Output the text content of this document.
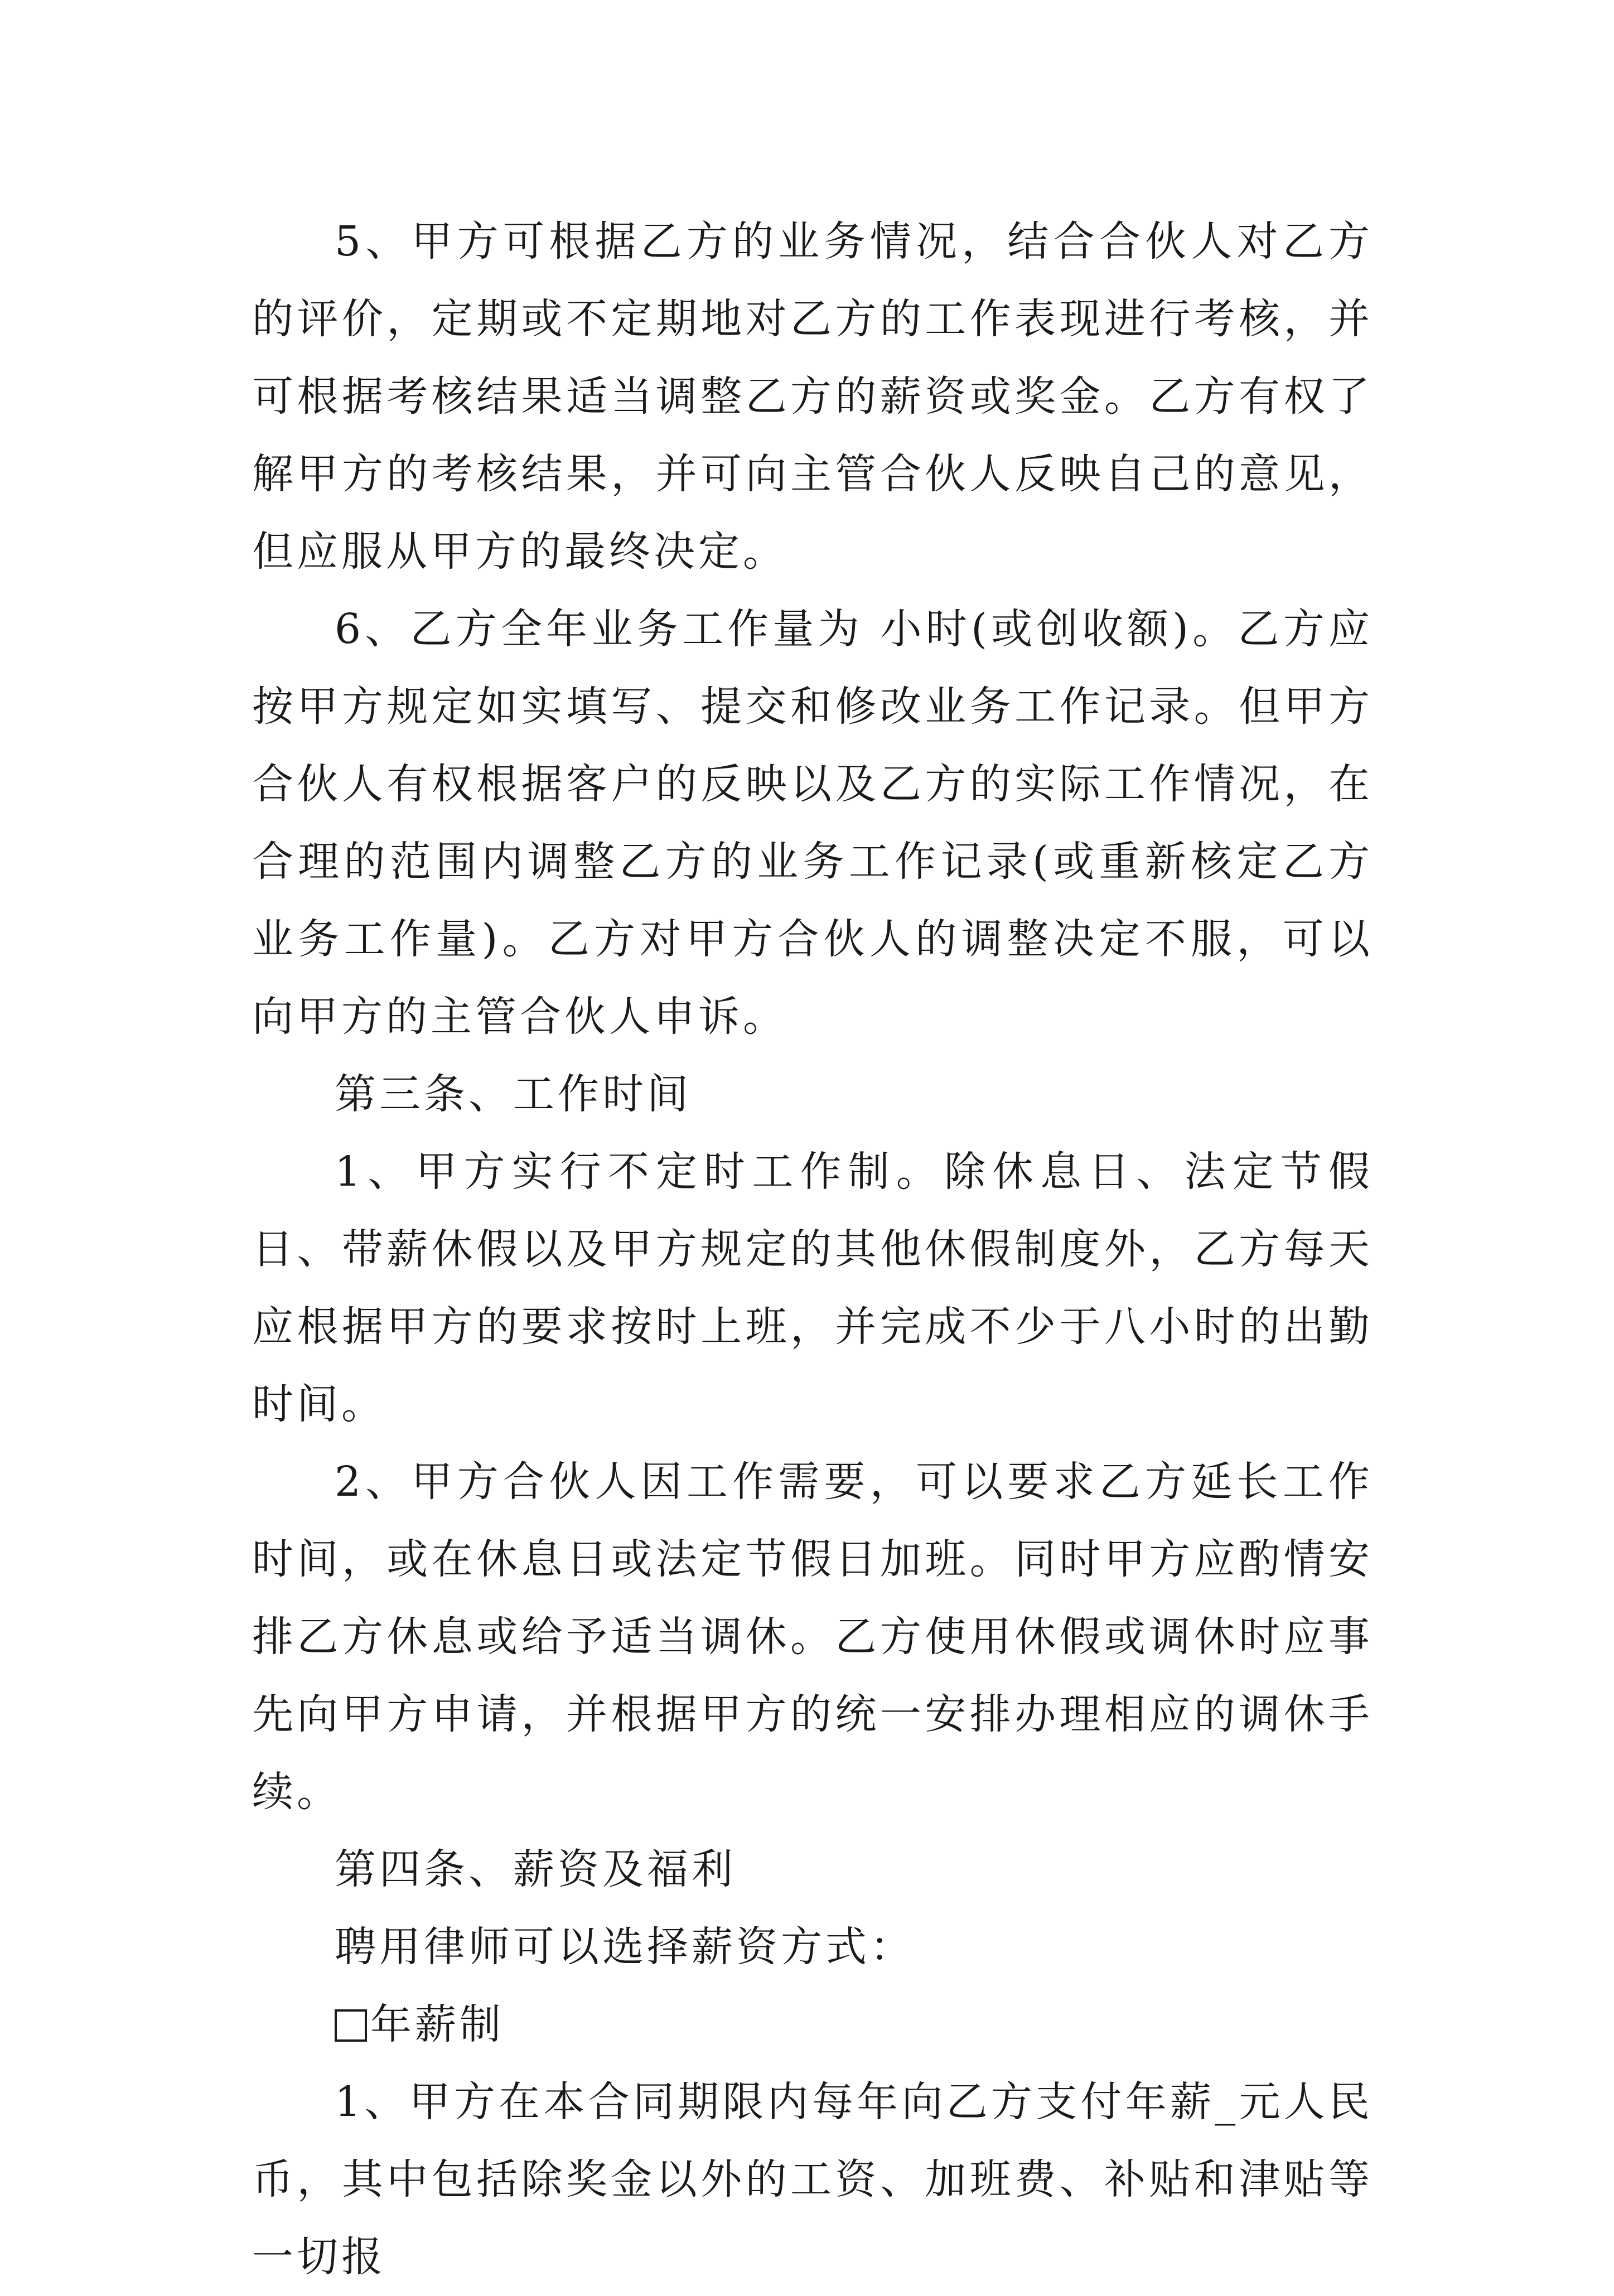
5、甲方可根据乙方的业务情况，结合合伙人对乙方的评价，定期或不定期地对乙方的工作表现进行考核，并可根据考核结果适当调整乙方的薪资或奖金。乙方有权了解甲方的考核结果，并可向主管合伙人反映自己的意见，但应服从甲方的最终决定。

6、乙方全年业务工作量为 小时(或创收额)。乙方应按甲方规定如实填写、提交和修改业务工作记录。但甲方合伙人有权根据客户的反映以及乙方的实际工作情况，在合理的范围内调整乙方的业务工作记录(或重新核定乙方业务工作量)。乙方对甲方合伙人的调整决定不服，可以向甲方的主管合伙人申诉。

第三条、工作时间

1、甲方实行不定时工作制。除休息日、法定节假日、带薪休假以及甲方规定的其他休假制度外，乙方每天应根据甲方的要求按时上班，并完成不少于八小时的出勤时间。

2、甲方合伙人因工作需要，可以要求乙方延长工作时间，或在休息日或法定节假日加班。同时甲方应酌情安排乙方休息或给予适当调休。乙方使用休假或调休时应事先向甲方申请，并根据甲方的统一安排办理相应的调休手续。

第四条、薪资及福利

聘用律师可以选择薪资方式：

年薪制

1、甲方在本合同期限内每年向乙方支付年薪_元人民币，其中包括除奖金以外的工资、加班费、补贴和津贴等一切报
